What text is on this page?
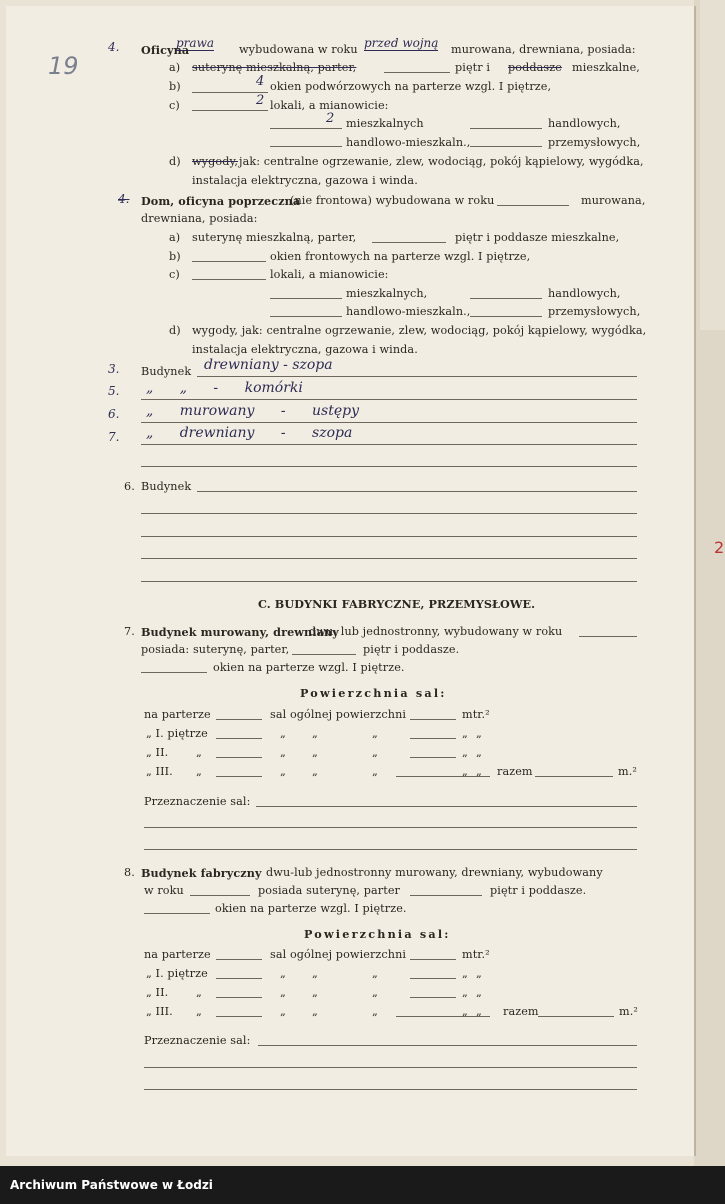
2
19
4. Oficyna
prawa wybudowana w roku przed wojną murowana, drewniana, posiada:
a) suterynę mieszkalną, parter,	piętr i poddasze mieszkalne,
b)	4 okien podwórzowych na parterze wzgl. I piętrze,
c)	2 lokali, a mianowicie:
2 mieszkalnych	handlowych,
handlowo-mieszkaln.,	przemysłowych,
d) wygody, jak: centralne ogrzewanie, zlew, wodociąg, pokój kąpielowy, wygódka,
instalacja elektryczna, gazowa i winda.
4. Dom, oficyna poprzeczna
(nie frontowa) wybudowana w roku	murowana,
drewniana, posiada:
a) suterynę mieszkalną, parter,	piętr i poddasze mieszkalne,
b)	okien frontowych na parterze wzgl. I piętrze,
c)	lokali, a mianowicie:
mieszkalnych,	handlowych,
handlowo-mieszkaln.,	przemysłowych,
d) wygody, jak: centralne ogrzewanie, zlew, wodociąg, pokój kąpielowy, wygódka,
instalacja elektryczna, gazowa i winda.
3. Budynek drewniany - szopa
5. „ „ - komórki
6. „ murowany - ustępy
7. „ drewniany - szopa
6. Budynek
C. BUDYNKI FABRYCZNE, PRZEMYSŁOWE.
7. Budynek murowany, drewniany
dwu- lub jednostronny, wybudowany w roku
posiada: suterynę, parter,	piętr i poddasze.
okien na parterze wzgl. I piętrze.
Powierzchnia sal:
na parterze	sal ogólnej powierzchni	mtr.²
„ I. piętrze	„ „	„	„ „
„ II. „	„ „	„	„ „
„ III. „	„ „	„	„ „ razem	m.²
Przeznaczenie sal:
8. Budynek fabryczny dwu-lub jednostronny murowany, drewniany, wybudowany
w roku	posiada suterynę, parter	piętr i poddasze.
okien na parterze wzgl. I piętrze.
Powierzchnia sal:
na parterze	sal ogólnej powierzchni	mtr.²
„ I. piętrze	„ „	„	„ „
„ II. „	„ „	„	„ „
„ III. „	„ „	„	„ „ razem	m.²
Przeznaczenie sal:
Archiwum Państwowe w Łodzi
